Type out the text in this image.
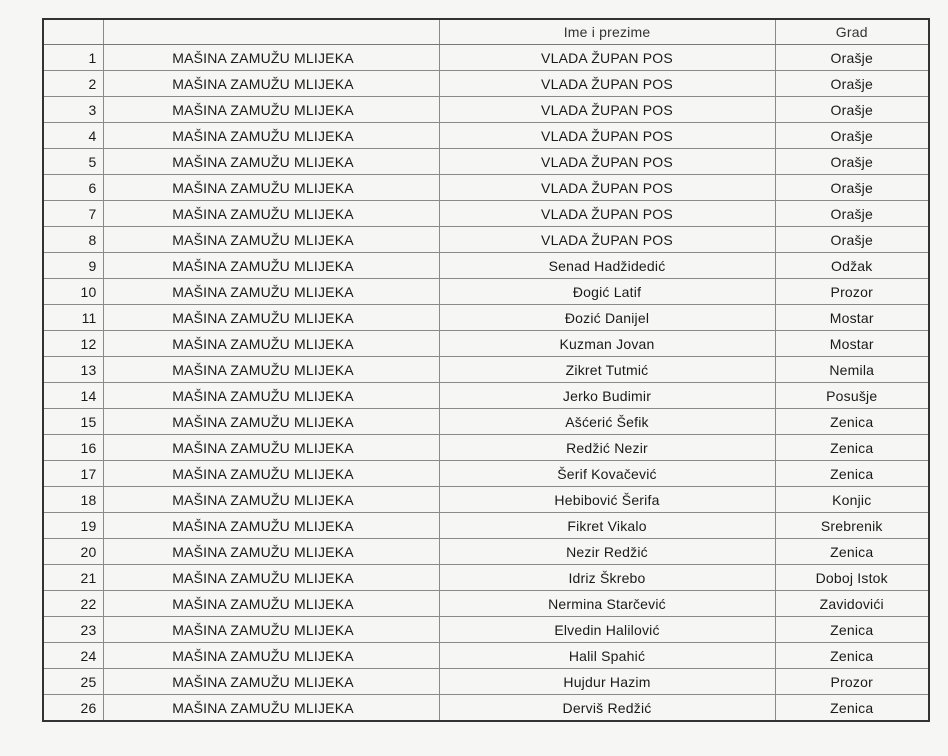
		Ime i prezime	Grad
1	MAŠINA ZAMUŽU MLIJEKA	VLADA ŽUPAN POS	Orašje
2	MAŠINA ZAMUŽU MLIJEKA	VLADA ŽUPAN POS	Orašje
3	MAŠINA ZAMUŽU MLIJEKA	VLADA ŽUPAN POS	Orašje
4	MAŠINA ZAMUŽU MLIJEKA	VLADA ŽUPAN POS	Orašje
5	MAŠINA ZAMUŽU MLIJEKA	VLADA ŽUPAN POS	Orašje
6	MAŠINA ZAMUŽU MLIJEKA	VLADA ŽUPAN POS	Orašje
7	MAŠINA ZAMUŽU MLIJEKA	VLADA ŽUPAN POS	Orašje
8	MAŠINA ZAMUŽU MLIJEKA	VLADA ŽUPAN POS	Orašje
9	MAŠINA ZAMUŽU MLIJEKA	Senad Hadžidedić	Odžak
10	MAŠINA ZAMUŽU MLIJEKA	Đogić Latif	Prozor
11	MAŠINA ZAMUŽU MLIJEKA	Đozić Danijel	Mostar
12	MAŠINA ZAMUŽU MLIJEKA	Kuzman Jovan	Mostar
13	MAŠINA ZAMUŽU MLIJEKA	Zikret Tutmić	Nemila
14	MAŠINA ZAMUŽU MLIJEKA	Jerko Budimir	Posušje
15	MAŠINA ZAMUŽU MLIJEKA	Ašćerić Šefik	Zenica
16	MAŠINA ZAMUŽU MLIJEKA	Redžić Nezir	Zenica
17	MAŠINA ZAMUŽU MLIJEKA	Šerif Kovačević	Zenica
18	MAŠINA ZAMUŽU MLIJEKA	Hebibović Šerifa	Konjic
19	MAŠINA ZAMUŽU MLIJEKA	Fikret Vikalo	Srebrenik
20	MAŠINA ZAMUŽU MLIJEKA	Nezir Redžić	Zenica
21	MAŠINA ZAMUŽU MLIJEKA	Idriz Škrebo	Doboj Istok
22	MAŠINA ZAMUŽU MLIJEKA	Nermina Starčević	Zavidovići
23	MAŠINA ZAMUŽU MLIJEKA	Elvedin Halilović	Zenica
24	MAŠINA ZAMUŽU MLIJEKA	Halil Spahić	Zenica
25	MAŠINA ZAMUŽU MLIJEKA	Hujdur Hazim	Prozor
26	MAŠINA ZAMUŽU MLIJEKA	Derviš Redžić	Zenica
